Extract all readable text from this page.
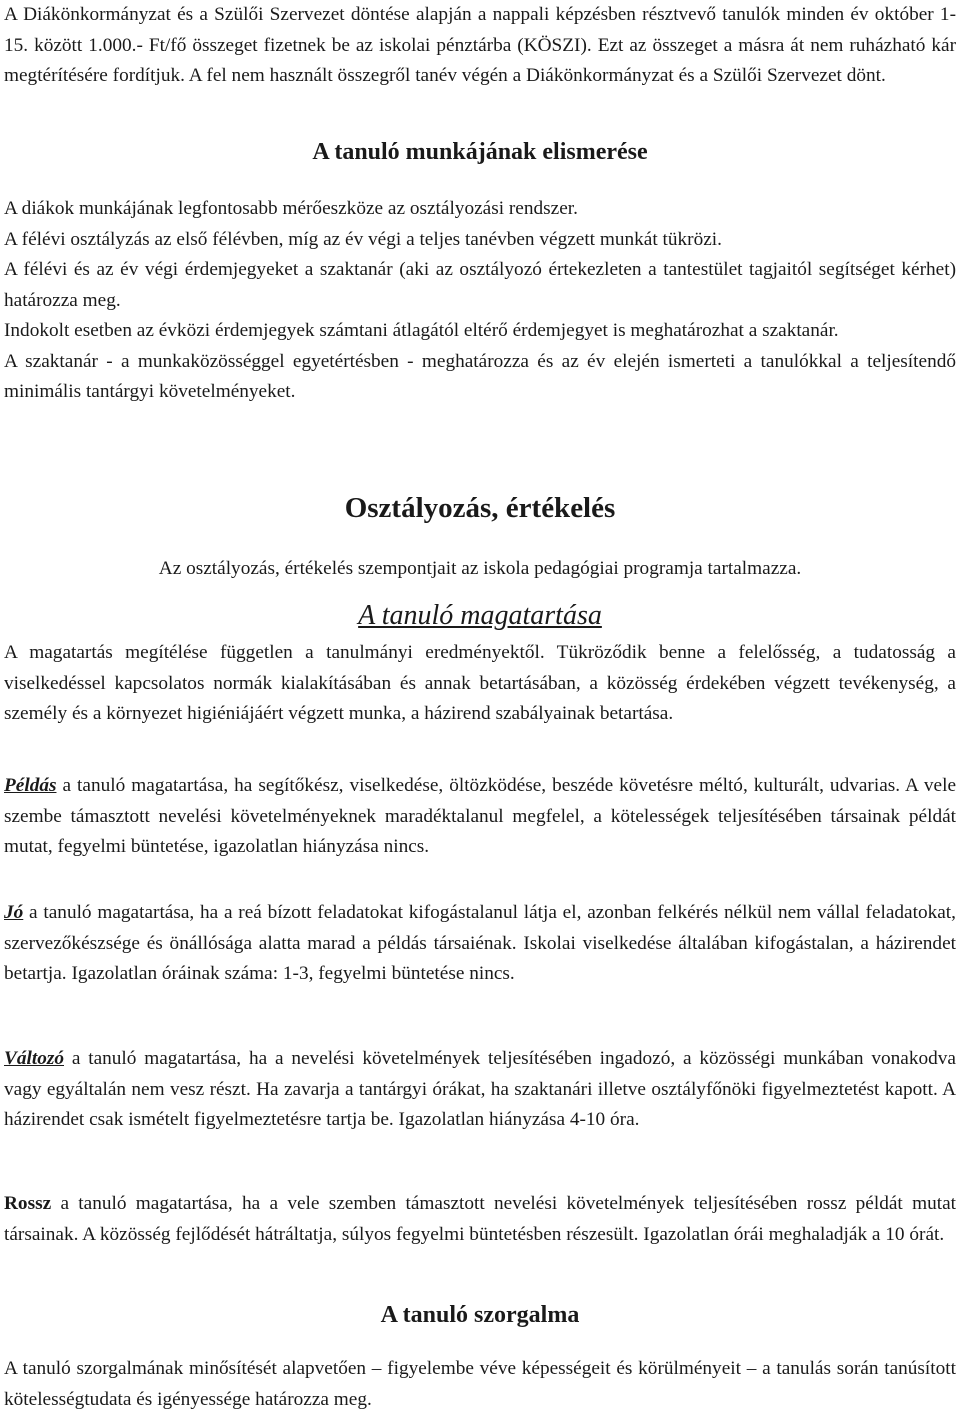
A Diákönkormányzat és a Szülői Szervezet döntése alapján a nappali képzésben résztvevő tanulók minden év október 1-15. között 1.000.- Ft/fő összeget fizetnek be az iskolai pénztárba (KÖSZI). Ezt az összeget a másra át nem ruházható kár megtérítésére fordítjuk. A fel nem használt összegről tanév végén a Diákönkormányzat és a Szülői Szervezet dönt.

A tanuló munkájának elismerése

A diákok munkájának legfontosabb mérőeszköze az osztályozási rendszer.

A félévi osztályzás az első félévben, míg az év végi a teljes tanévben végzett munkát tükrözi.

A félévi és az év végi érdemjegyeket a szaktanár (aki az osztályozó értekezleten a tantestület tagjaitól segítséget kérhet) határozza meg.

Indokolt esetben az évközi érdemjegyek számtani átlagától eltérő érdemjegyet is meghatározhat a szaktanár.

A szaktanár - a munkaközösséggel egyetértésben - meghatározza és az év elején ismerteti a tanulókkal a teljesítendő minimális tantárgyi követelményeket.

Osztályozás, értékelés

Az osztályozás, értékelés szempontjait az iskola pedagógiai programja tartalmazza.

A tanuló magatartása

A magatartás megítélése független a tanulmányi eredményektől. Tükröződik benne a felelősség, a tudatosság a viselkedéssel kapcsolatos normák kialakításában és annak betartásában, a közösség érdekében végzett tevékenység, a személy és a környezet higiéniájáért végzett munka, a házirend szabályainak betartása.

Példás a tanuló magatartása, ha segítőkész, viselkedése, öltözködése, beszéde követésre méltó, kulturált, udvarias. A vele szembe támasztott nevelési követelményeknek maradéktalanul megfelel, a kötelességek teljesítésében társainak példát mutat, fegyelmi büntetése, igazolatlan hiányzása nincs.

Jó a tanuló magatartása, ha a reá bízott feladatokat kifogástalanul látja el, azonban felkérés nélkül nem vállal feladatokat, szervezőkészsége és önállósága alatta marad a példás társaiénak. Iskolai viselkedése általában kifogástalan, a házirendet betartja. Igazolatlan óráinak száma: 1-3, fegyelmi büntetése nincs.

Változó a tanuló magatartása, ha a nevelési követelmények teljesítésében ingadozó, a közösségi munkában vonakodva vagy egyáltalán nem vesz részt. Ha zavarja a tantárgyi órákat, ha szaktanári illetve osztályfőnöki figyelmeztetést kapott. A házirendet csak ismételt figyelmeztetésre tartja be. Igazolatlan hiányzása 4-10 óra.

Rossz a tanuló magatartása, ha a vele szemben támasztott nevelési követelmények teljesítésében rossz példát mutat társainak. A közösség fejlődését hátráltatja, súlyos fegyelmi büntetésben részesült. Igazolatlan órái meghaladják a 10 órát.

A tanuló szorgalma

A tanuló szorgalmának minősítését alapvetően – figyelembe véve képességeit és körülményeit – a tanulás során tanúsított kötelességtudata és igényessége határozza meg.
